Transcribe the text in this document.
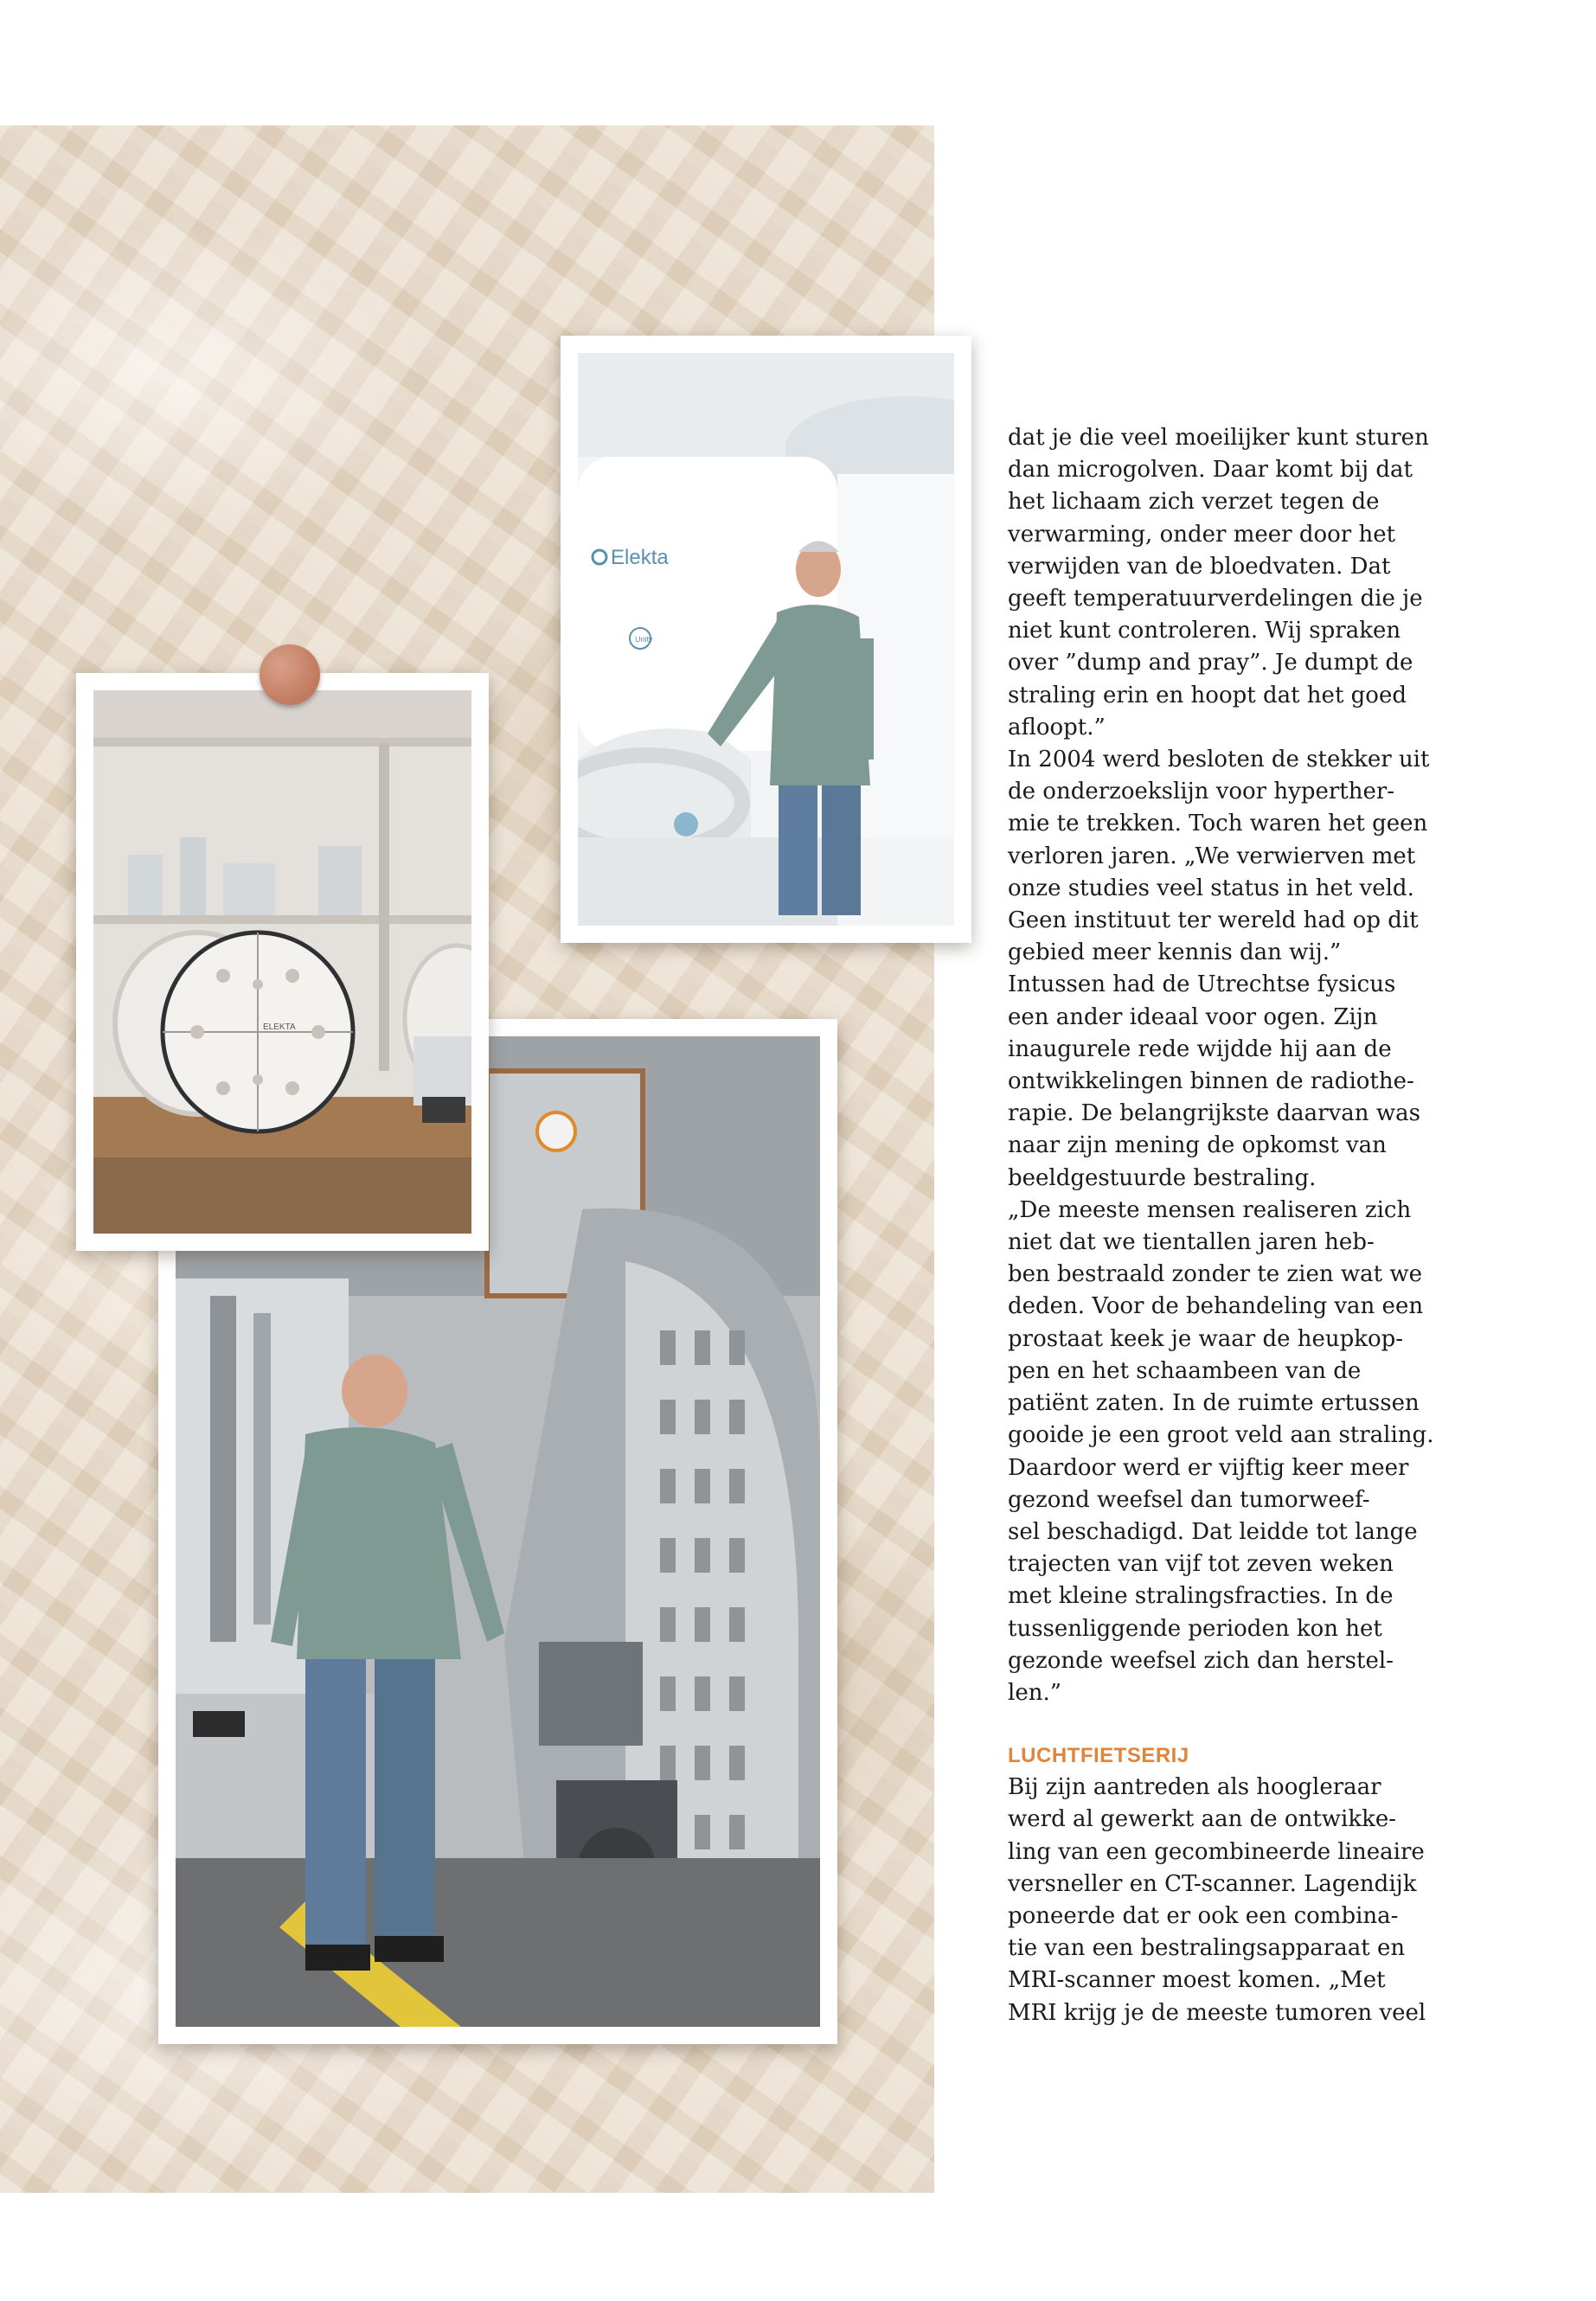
Elekta
Unity
ELEKTA

dat je die veel moeilijker kunt sturen
dan microgolven. Daar komt bij dat
het lichaam zich verzet tegen de
verwarming, onder meer door het
verwijden van de bloedvaten. Dat
geeft temperatuurverdelingen die je
niet kunt controleren. Wij spraken
over ”dump and pray”. Je dumpt de
straling erin en hoopt dat het goed
afloopt.”

In 2004 werd besloten de stekker uit
de onderzoekslijn voor hyperther-
mie te trekken. Toch waren het geen
verloren jaren. „We verwierven met
onze studies veel status in het veld.
Geen instituut ter wereld had op dit
gebied meer kennis dan wij.”

Intussen had de Utrechtse fysicus
een ander ideaal voor ogen. Zijn
inaugurele rede wijdde hij aan de
ontwikkelingen binnen de radiothe-
rapie. De belangrijkste daarvan was
naar zijn mening de opkomst van
beeldgestuurde bestraling.

„De meeste mensen realiseren zich
niet dat we tientallen jaren heb-
ben bestraald zonder te zien wat we
deden. Voor de behandeling van een
prostaat keek je waar de heupkop-
pen en het schaambeen van de
patiënt zaten. In de ruimte ertussen
gooide je een groot veld aan straling.
Daardoor werd er vijftig keer meer
gezond weefsel dan tumorweef-
sel beschadigd. Dat leidde tot lange
trajecten van vijf tot zeven weken
met kleine stralingsfracties. In de
tussenliggende perioden kon het
gezonde weefsel zich dan herstel-
len.”

LUCHTFIETSERIJ

Bij zijn aantreden als hoogleraar
werd al gewerkt aan de ontwikke-
ling van een gecombineerde lineaire
versneller en CT-scanner. Lagendijk
poneerde dat er ook een combina-
tie van een bestralingsapparaat en
MRI-scanner moest komen. „Met
MRI krijg je de meeste tumoren veel
